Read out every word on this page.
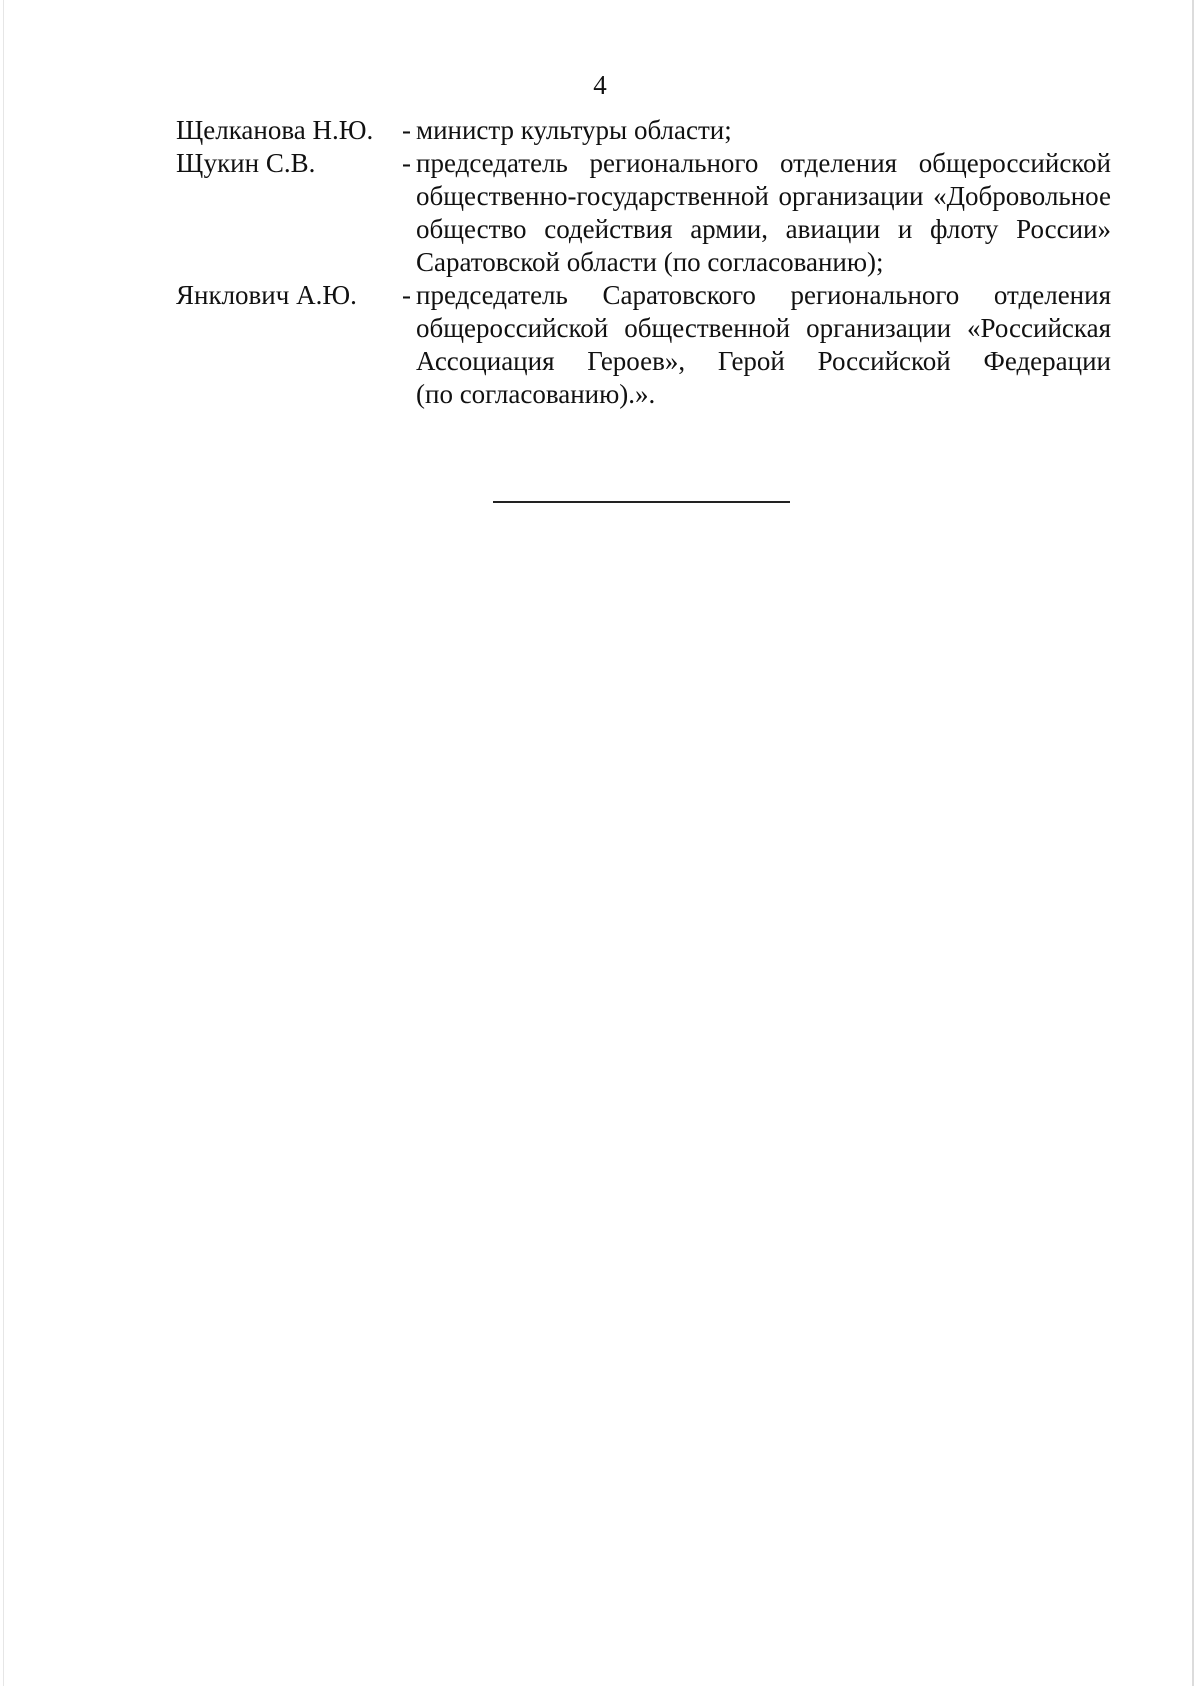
4
Щелканова Н.Ю.	- министр культуры области;
Щукин С.В.	- председатель регионального отделения общероссийской
общественно-государственной организации «Добровольное
общество содействия армии, авиации и флоту России»
Саратовской области (по согласованию);
Янклович А.Ю.	- председатель Саратовского регионального отделения
общероссийской общественной организации «Российская
Ассоциация Героев», Герой Российской Федерации
(по согласованию).».
